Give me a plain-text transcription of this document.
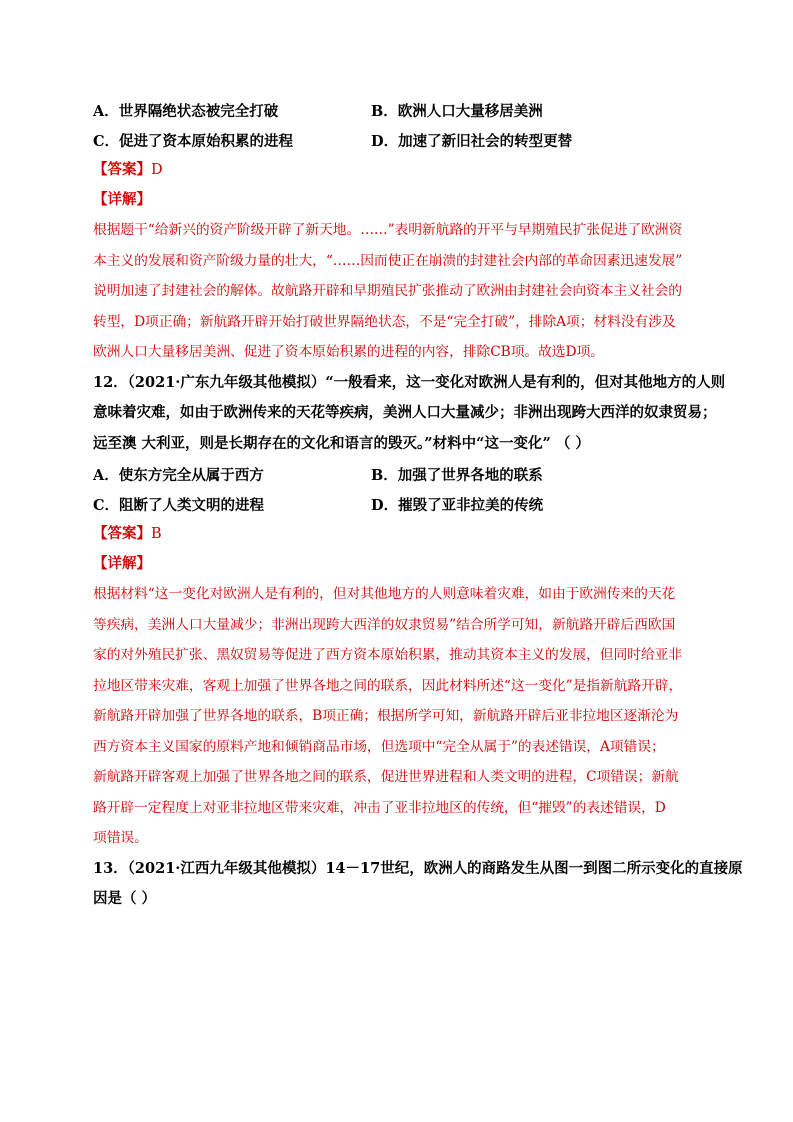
A．世界隔绝状态被完全打破	B．欧洲人口大量移居美洲
C．促进了资本原始积累的进程	D．加速了新旧社会的转型更替
【答案】D
【详解】
根据题干“给新兴的资产阶级开辟了新天地。……”表明新航路的开平与早期殖民扩张促进了欧洲资
本主义的发展和资产阶级力量的壮大，“……因而使正在崩溃的封建社会内部的革命因素迅速发展”
说明加速了封建社会的解体。故航路开辟和早期殖民扩张推动了欧洲由封建社会向资本主义社会的
转型，D项正确；新航路开辟开始打破世界隔绝状态，不是“完全打破”，排除A项；材料没有涉及
欧洲人口大量移居美洲、促进了资本原始积累的进程的内容，排除CB项。故选D项。
12．（2021·广东九年级其他模拟）“一般看来，这一变化对欧洲人是有利的，但对其他地方的人则
意味着灾难，如由于欧洲传来的天花等疾病，美洲人口大量减少；非洲出现跨大西洋的奴隶贸易；
远至澳 大利亚，则是长期存在的文化和语言的毁灭。”材料中“这一变化” （ ）
A．使东方完全从属于西方	B．加强了世界各地的联系
C．阻断了人类文明的进程	D．摧毁了亚非拉美的传统
【答案】B
【详解】
根据材料“这一变化对欧洲人是有利的，但对其他地方的人则意味着灾难，如由于欧洲传来的天花
等疾病，美洲人口大量减少；非洲出现跨大西洋的奴隶贸易”结合所学可知，新航路开辟后西欧国
家的对外殖民扩张、黑奴贸易等促进了西方资本原始积累，推动其资本主义的发展，但同时给亚非
拉地区带来灾难，客观上加强了世界各地之间的联系，因此材料所述“这一变化”是指新航路开辟，
新航路开辟加强了世界各地的联系，B项正确；根据所学可知，新航路开辟后亚非拉地区逐渐沦为
西方资本主义国家的原料产地和倾销商品市场，但选项中“完全从属于”的表述错误，A项错误；
新航路开辟客观上加强了世界各地之间的联系，促进世界进程和人类文明的进程，C项错误；新航
路开辟一定程度上对亚非拉地区带来灾难，冲击了亚非拉地区的传统，但“摧毁”的表述错误，D
项错误。
13．（2021·江西九年级其他模拟）14－17世纪，欧洲人的商路发生从图一到图二所示变化的直接原
因是（ ）
